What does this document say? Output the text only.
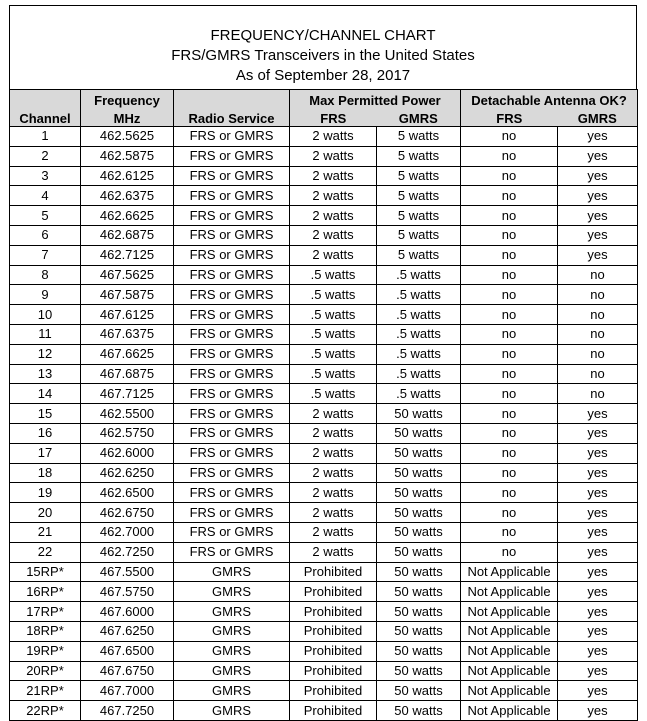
FREQUENCY/CHANNEL CHART
FRS/GMRS Transceivers in the United States
As of September 28, 2017
	Frequency		Max Permitted Power		Detachable Antenna OK?	
Channel	MHz	Radio Service	FRS	GMRS	FRS	GMRS
1	462.5625	FRS or GMRS	2 watts	5 watts	no	yes
2	462.5875	FRS or GMRS	2 watts	5 watts	no	yes
3	462.6125	FRS or GMRS	2 watts	5 watts	no	yes
4	462.6375	FRS or GMRS	2 watts	5 watts	no	yes
5	462.6625	FRS or GMRS	2 watts	5 watts	no	yes
6	462.6875	FRS or GMRS	2 watts	5 watts	no	yes
7	462.7125	FRS or GMRS	2 watts	5 watts	no	yes
8	467.5625	FRS or GMRS	.5 watts	.5 watts	no	no
9	467.5875	FRS or GMRS	.5 watts	.5 watts	no	no
10	467.6125	FRS or GMRS	.5 watts	.5 watts	no	no
11	467.6375	FRS or GMRS	.5 watts	.5 watts	no	no
12	467.6625	FRS or GMRS	.5 watts	.5 watts	no	no
13	467.6875	FRS or GMRS	.5 watts	.5 watts	no	no
14	467.7125	FRS or GMRS	.5 watts	.5 watts	no	no
15	462.5500	FRS or GMRS	2 watts	50 watts	no	yes
16	462.5750	FRS or GMRS	2 watts	50 watts	no	yes
17	462.6000	FRS or GMRS	2 watts	50 watts	no	yes
18	462.6250	FRS or GMRS	2 watts	50 watts	no	yes
19	462.6500	FRS or GMRS	2 watts	50 watts	no	yes
20	462.6750	FRS or GMRS	2 watts	50 watts	no	yes
21	462.7000	FRS or GMRS	2 watts	50 watts	no	yes
22	462.7250	FRS or GMRS	2 watts	50 watts	no	yes
15RP*	467.5500	GMRS	Prohibited	50 watts	Not Applicable	yes
16RP*	467.5750	GMRS	Prohibited	50 watts	Not Applicable	yes
17RP*	467.6000	GMRS	Prohibited	50 watts	Not Applicable	yes
18RP*	467.6250	GMRS	Prohibited	50 watts	Not Applicable	yes
19RP*	467.6500	GMRS	Prohibited	50 watts	Not Applicable	yes
20RP*	467.6750	GMRS	Prohibited	50 watts	Not Applicable	yes
21RP*	467.7000	GMRS	Prohibited	50 watts	Not Applicable	yes
22RP*	467.7250	GMRS	Prohibited	50 watts	Not Applicable	yes
